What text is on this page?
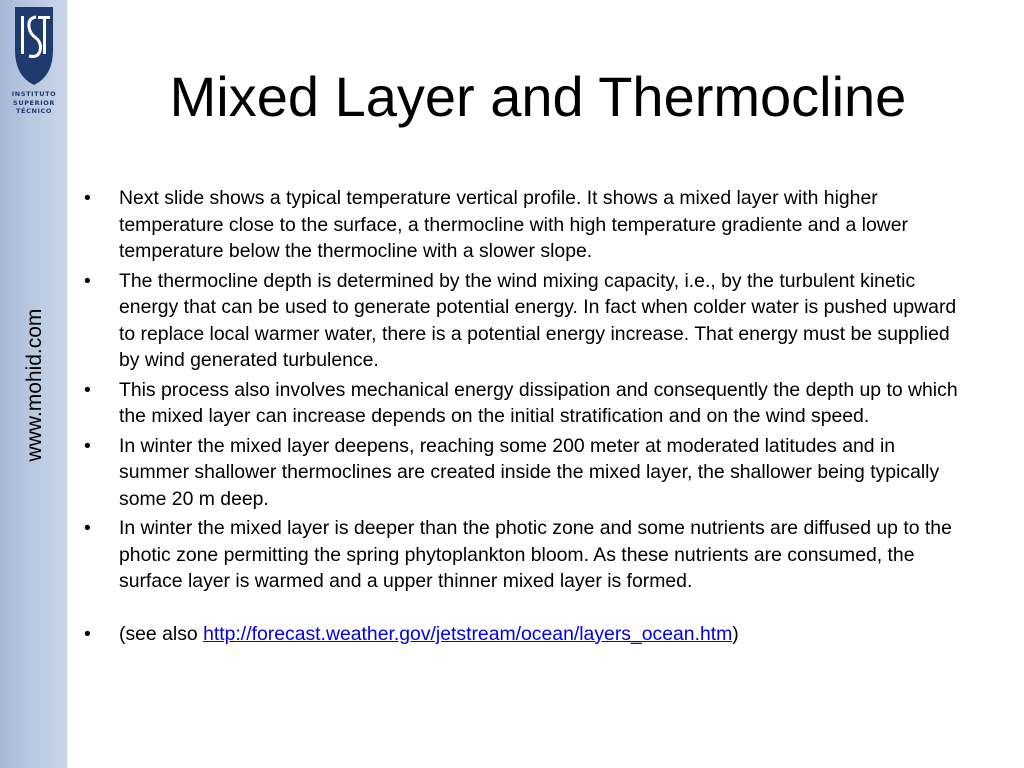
INSTITUTO
SUPERIOR
TÉCNICO
www.mohid.com
Mixed Layer and Thermocline
• Next slide shows a typical temperature vertical profile. It shows a mixed layer with higher temperature close to the surface, a thermocline with high temperature gradiente and a lower temperature below the thermocline with a slower slope.
• The thermocline depth is determined by the wind mixing capacity, i.e., by the turbulent kinetic energy that can be used to generate potential energy. In fact when colder water is pushed upward to replace local warmer water, there is a potential energy increase. That energy must be supplied by wind generated turbulence.
• This process also involves mechanical energy dissipation and consequently the depth up to which the mixed layer can increase depends on the initial stratification and on the wind speed.
• In winter the mixed layer deepens, reaching some 200 meter at moderated latitudes and in summer shallower thermoclines are created inside the mixed layer, the shallower being typically some 20 m deep.
• In winter the mixed layer is deeper than the photic zone and some nutrients are diffused up to the photic zone permitting the spring phytoplankton bloom. As these nutrients are consumed, the surface layer is warmed and a upper thinner mixed layer is formed.
• (see also http://forecast.weather.gov/jetstream/ocean/layers_ocean.htm)
